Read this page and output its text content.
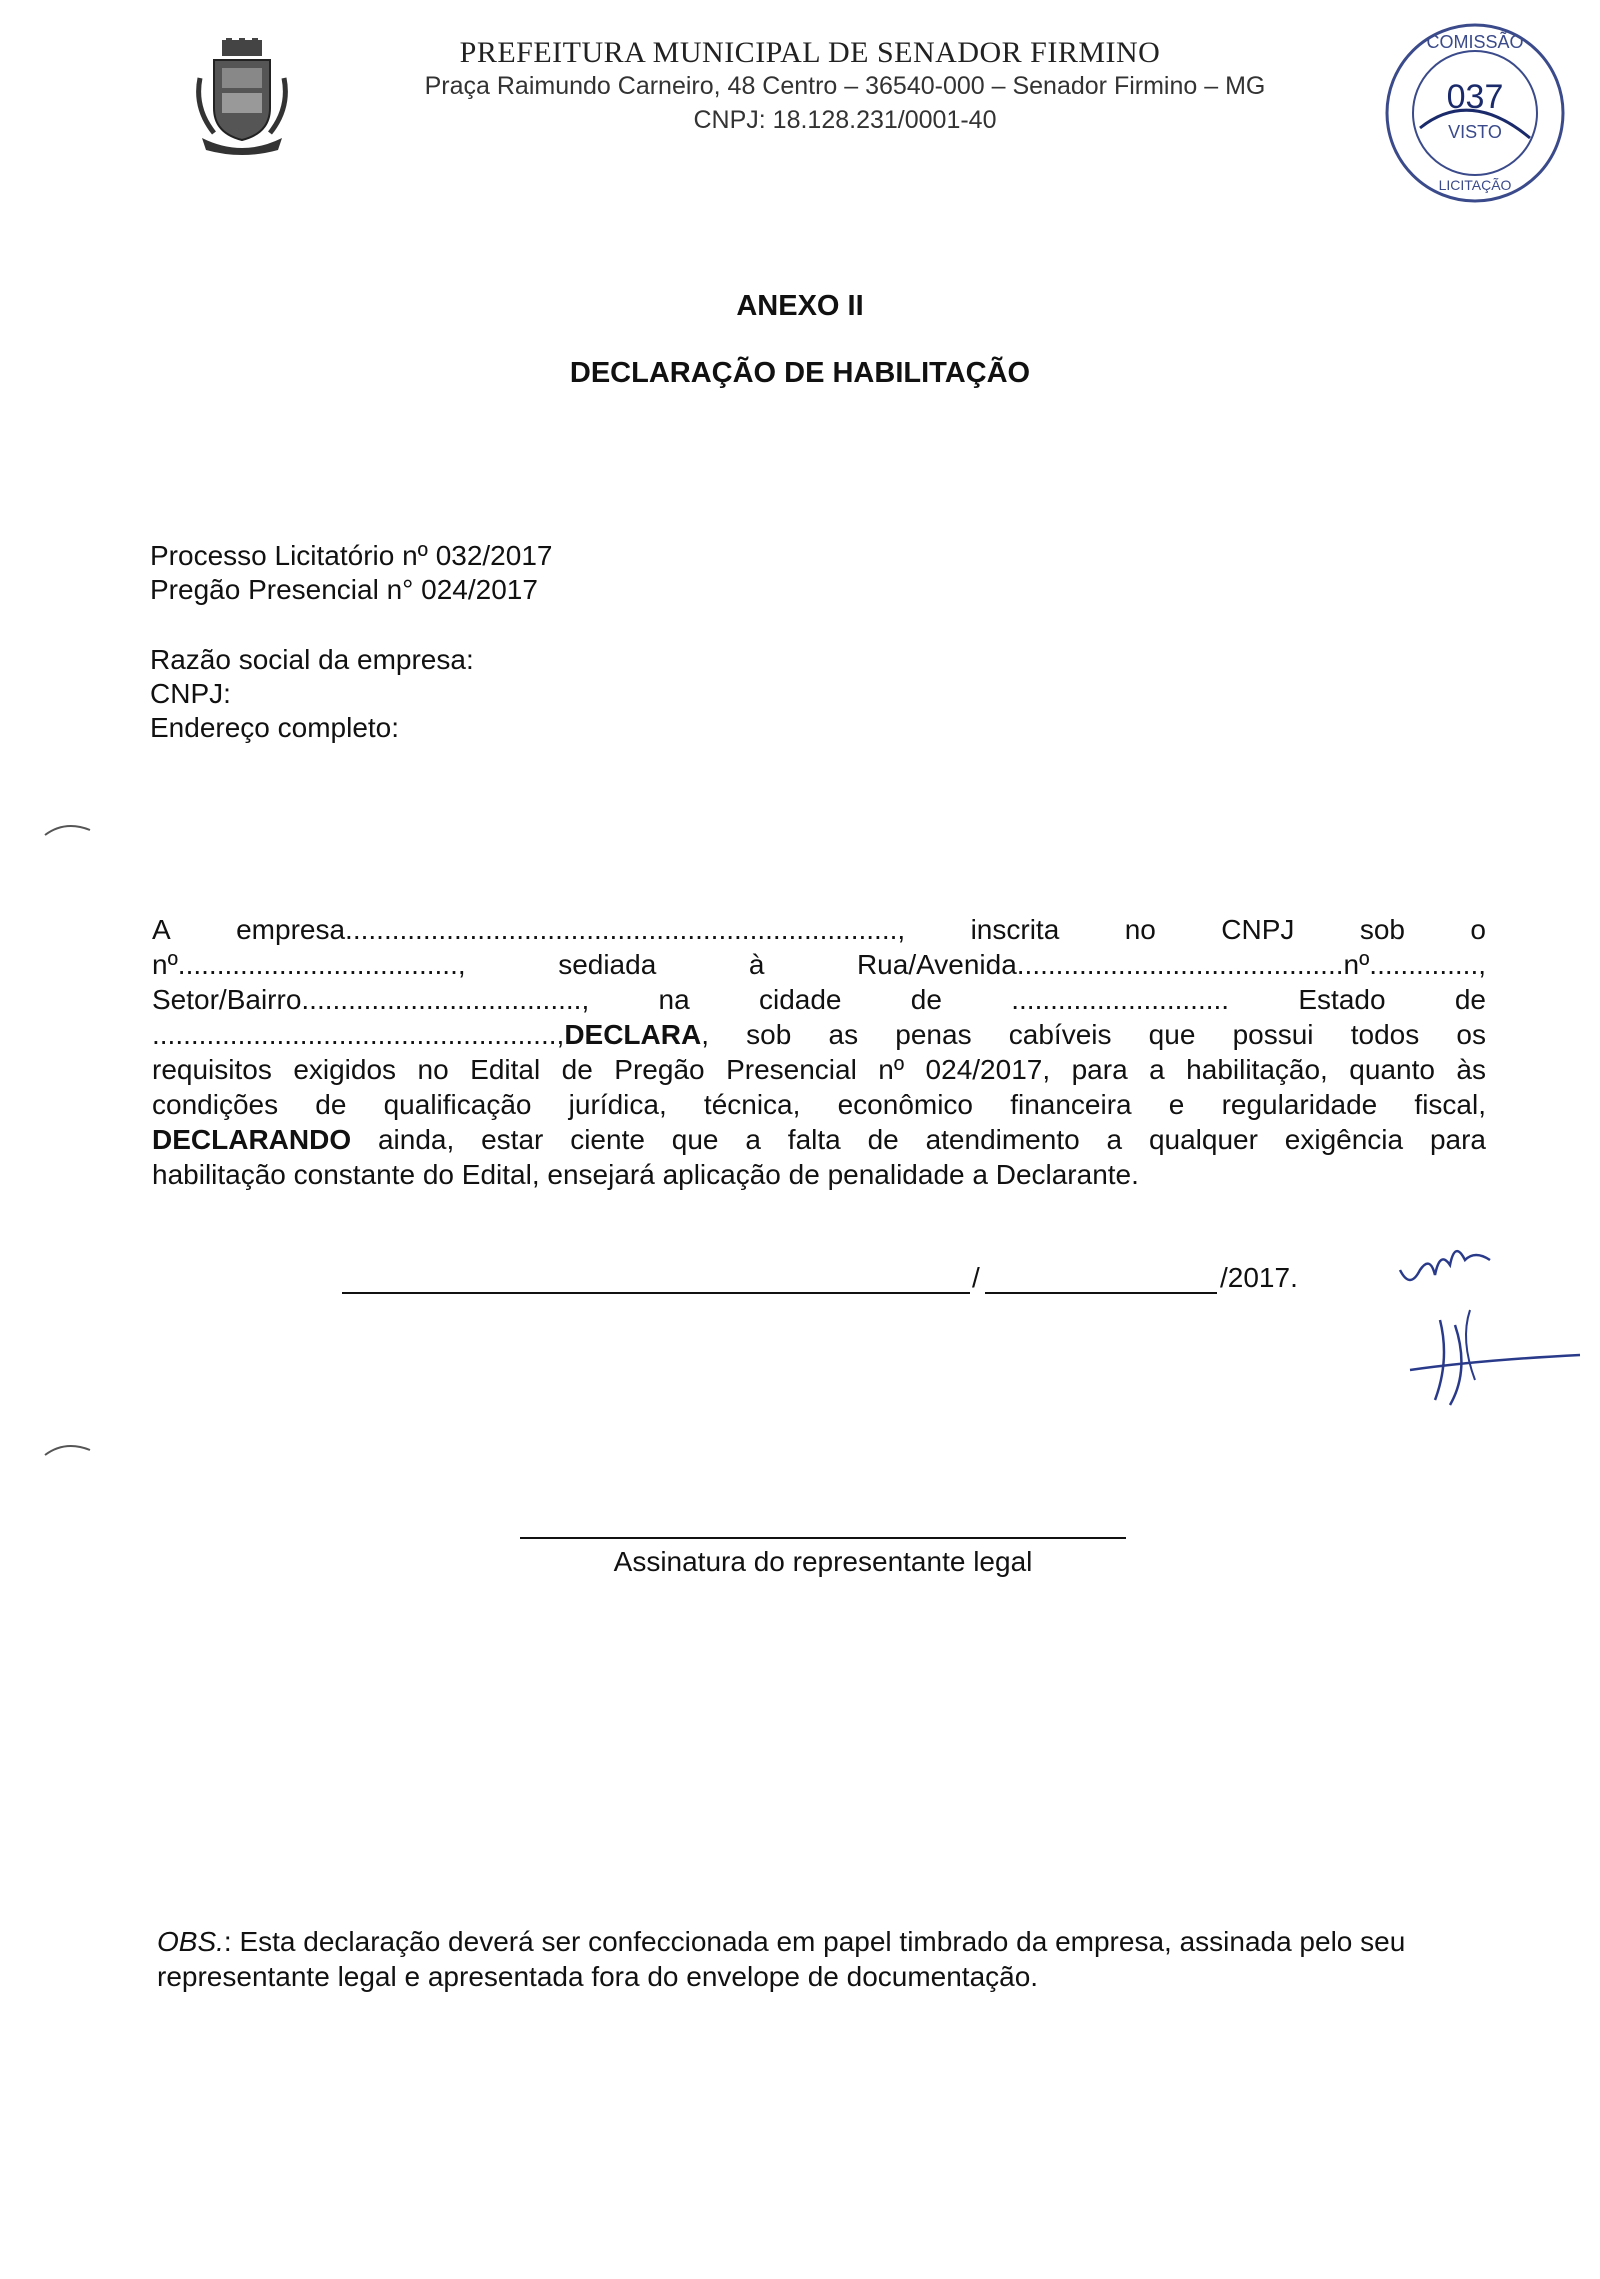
PREFEITURA MUNICIPAL DE SENADOR FIRMINO
Praça Raimundo Carneiro, 48 Centro – 36540-000 – Senador Firmino – MG
CNPJ: 18.128.231/0001-40
COMISSÃO
037
VISTO
LICITAÇÃO
ANEXO II
DECLARAÇÃO DE HABILITAÇÃO
Processo Licitatório nº 032/2017
Pregão Presencial n° 024/2017
Razão social da empresa:
CNPJ:
Endereço completo:
A empresa......................................................................., inscrita no CNPJ sob o
nº....................................,	sediada	à	Rua/Avenida..........................................nº..............,
Setor/Bairro...................................., na cidade de ............................ Estado de
....................................................,DECLARA, sob as penas cabíveis que possui todos os
requisitos exigidos no Edital de Pregão Presencial nº 024/2017, para a habilitação, quanto às
condições de qualificação jurídica, técnica, econômico financeira e regularidade fiscal,
DECLARANDO ainda, estar ciente que a falta de atendimento a qualquer exigência para
habilitação constante do Edital, ensejará aplicação de penalidade a Declarante.
/	/2017.
Assinatura do representante legal
OBS.: Esta declaração deverá ser confeccionada em papel timbrado da empresa, assinada pelo seu representante legal e apresentada fora do envelope de documentação.
